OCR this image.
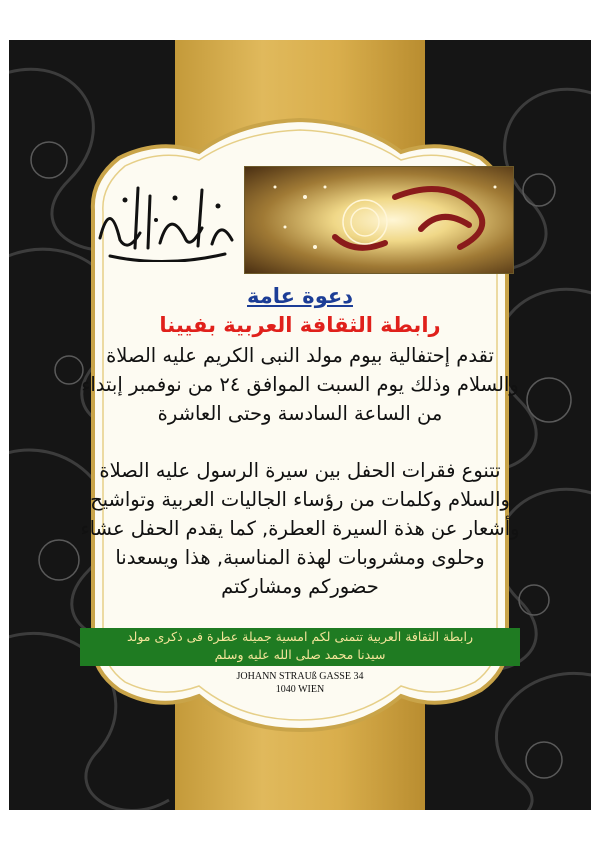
دعوة عامة
رابطة الثقافة العربية بفيينا
تقدم إحتفالية بيوم مولد النبى الكريم عليه الصلاة والسلام وذلك يوم السبت الموافق ٢٤ من نوفمبر إبتداء من الساعة السادسة وحتى العاشرة
تتنوع فقرات الحفل بين سيرة الرسول عليه الصلاة والسلام وكلمات من رؤساء الجاليات العربية وتواشيح وأشعار عن هذة السيرة العطرة, كما يقدم الحفل عشاء وحلوى ومشروبات لهذة المناسبة, هذا ويسعدنا حضوركم ومشاركتم
رابطة الثقافة العربية تتمنى لكم امسية جميلة عطرة فى ذكرى مولد
سيدنا محمد صلى الله عليه وسلم
JOHANN STRAUß GASSE 34
1040 WIEN
